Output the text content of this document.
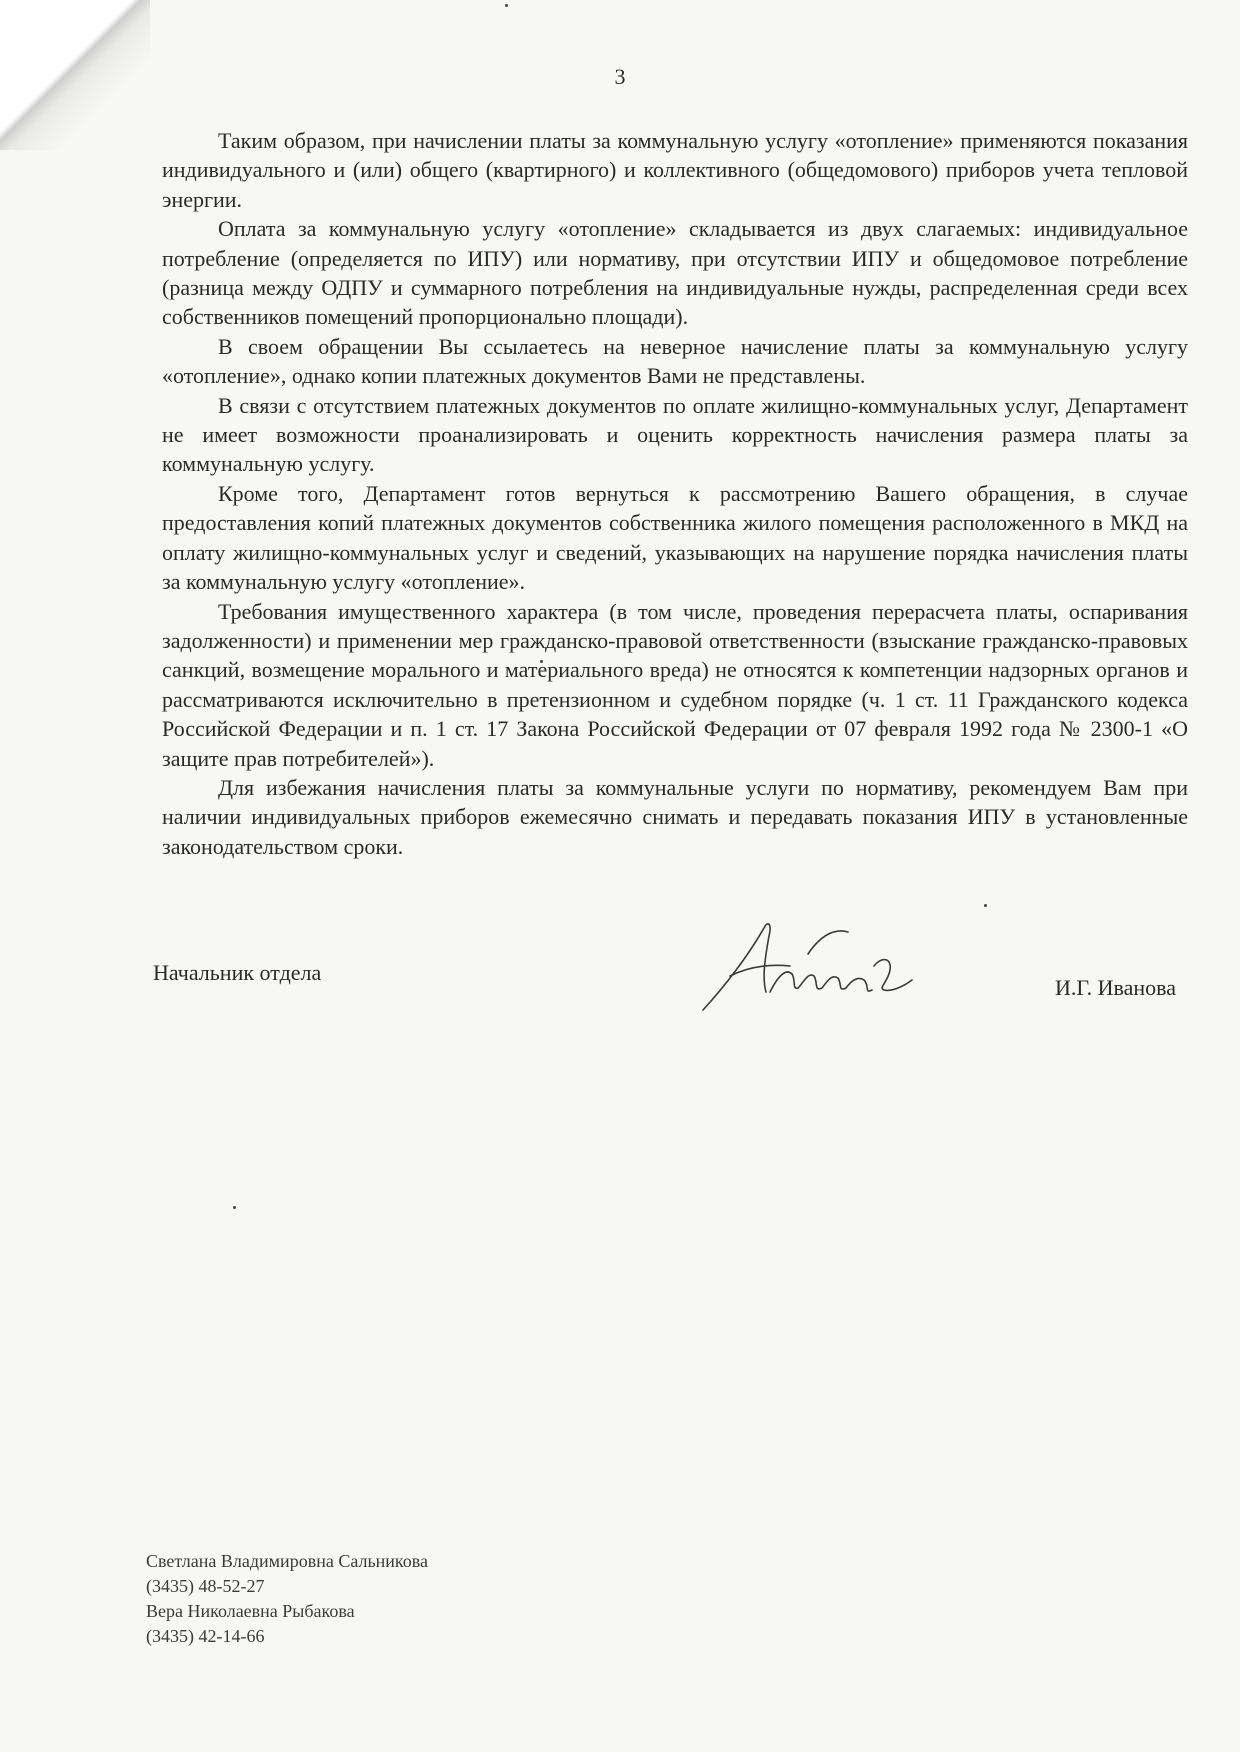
3

Таким образом, при начислении платы за коммунальную услугу «отопление» применяются показания индивидуального и (или) общего (квартирного) и коллективного (общедомового) приборов учета тепловой энергии.

Оплата за коммунальную услугу «отопление» складывается из двух слагаемых: индивидуальное потребление (определяется по ИПУ) или нормативу, при отсутствии ИПУ и общедомовое потребление (разница между ОДПУ и суммарного потребления на индивидуальные нужды, распределенная среди всех собственников помещений пропорционально площади).

В своем обращении Вы ссылаетесь на неверное начисление платы за коммунальную услугу «отопление», однако копии платежных документов Вами не представлены.

В связи с отсутствием платежных документов по оплате жилищно-коммунальных услуг, Департамент не имеет возможности проанализировать и оценить корректность начисления размера платы за коммунальную услугу.

Кроме того, Департамент готов вернуться к рассмотрению Вашего обращения, в случае предоставления копий платежных документов собственника жилого помещения расположенного в МКД на оплату жилищно-коммунальных услуг и сведений, указывающих на нарушение порядка начисления платы за коммунальную услугу «отопление».

Требования имущественного характера (в том числе, проведения перерасчета платы, оспаривания задолженности) и применении мер гражданско-правовой ответственности (взыскание гражданско-правовых санкций, возмещение морального и материального вреда) не относятся к компетенции надзорных органов и рассматриваются исключительно в претензионном и судебном порядке (ч. 1 ст. 11 Гражданского кодекса Российской Федерации и п. 1 ст. 17 Закона Российской Федерации от 07 февраля 1992 года № 2300-1 «О защите прав потребителей»).

Для избежания начисления платы за коммунальные услуги по нормативу, рекомендуем Вам при наличии индивидуальных приборов ежемесячно снимать и передавать показания ИПУ в установленные законодательством сроки.

Начальник отдела
И.Г. Иванова
Светлана Владимировна Сальникова
(3435) 48-52-27
Вера Николаевна Рыбакова
(3435) 42-14-66
